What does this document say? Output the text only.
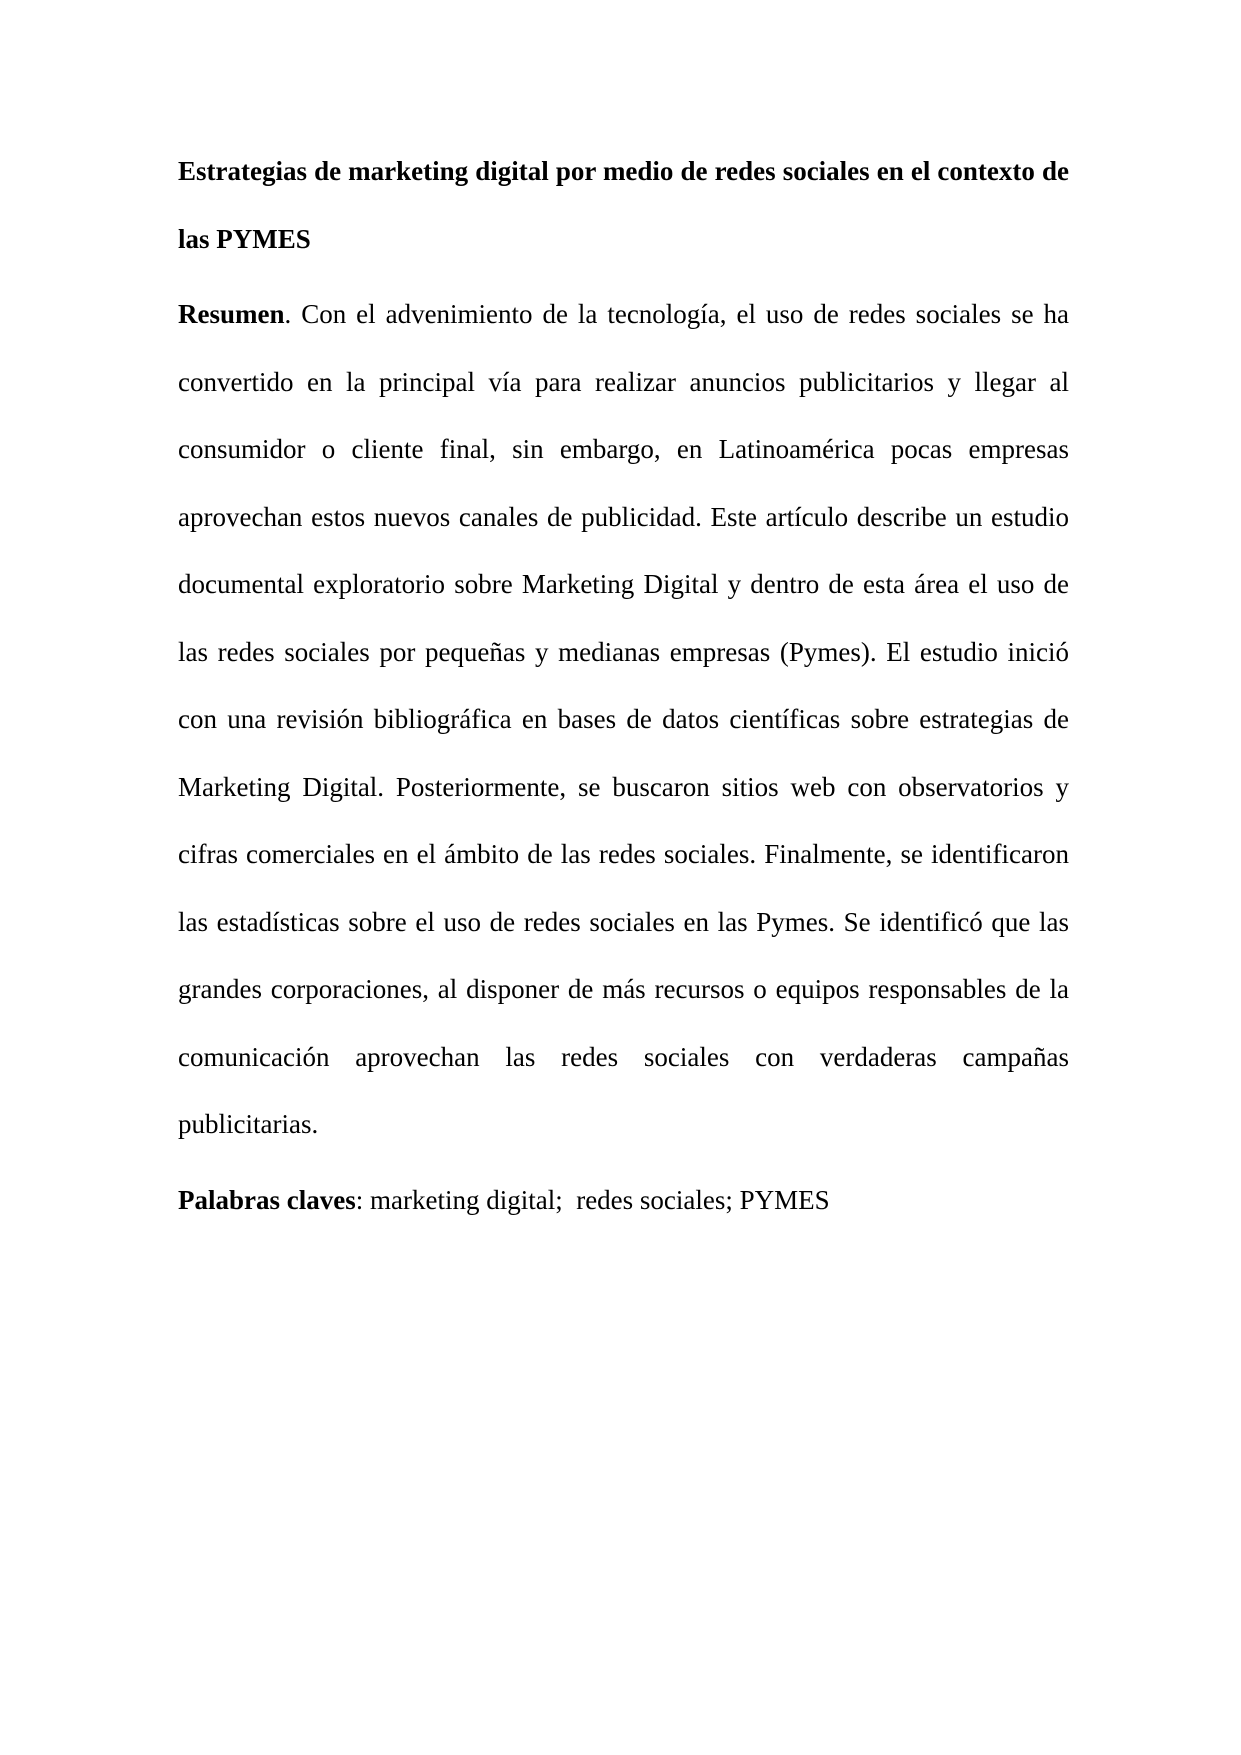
Estrategias de marketing digital por medio de redes sociales en el contexto de las PYMES

Resumen. Con el advenimiento de la tecnología, el uso de redes sociales se ha convertido en la principal vía para realizar anuncios publicitarios y llegar al consumidor o cliente final, sin embargo, en Latinoamérica pocas empresas aprovechan estos nuevos canales de publicidad. Este artículo describe un estudio documental exploratorio sobre Marketing Digital y dentro de esta área el uso de las redes sociales por pequeñas y medianas empresas (Pymes). El estudio inició con una revisión bibliográfica en bases de datos científicas sobre estrategias de Marketing Digital. Posteriormente, se buscaron sitios web con observatorios y cifras comerciales en el ámbito de las redes sociales. Finalmente, se identificaron las estadísticas sobre el uso de redes sociales en las Pymes. Se identificó que las grandes corporaciones, al disponer de más recursos o equipos responsables de la comunicación aprovechan las redes sociales con verdaderas campañas publicitarias.

Palabras claves: marketing digital;  redes sociales; PYMES
